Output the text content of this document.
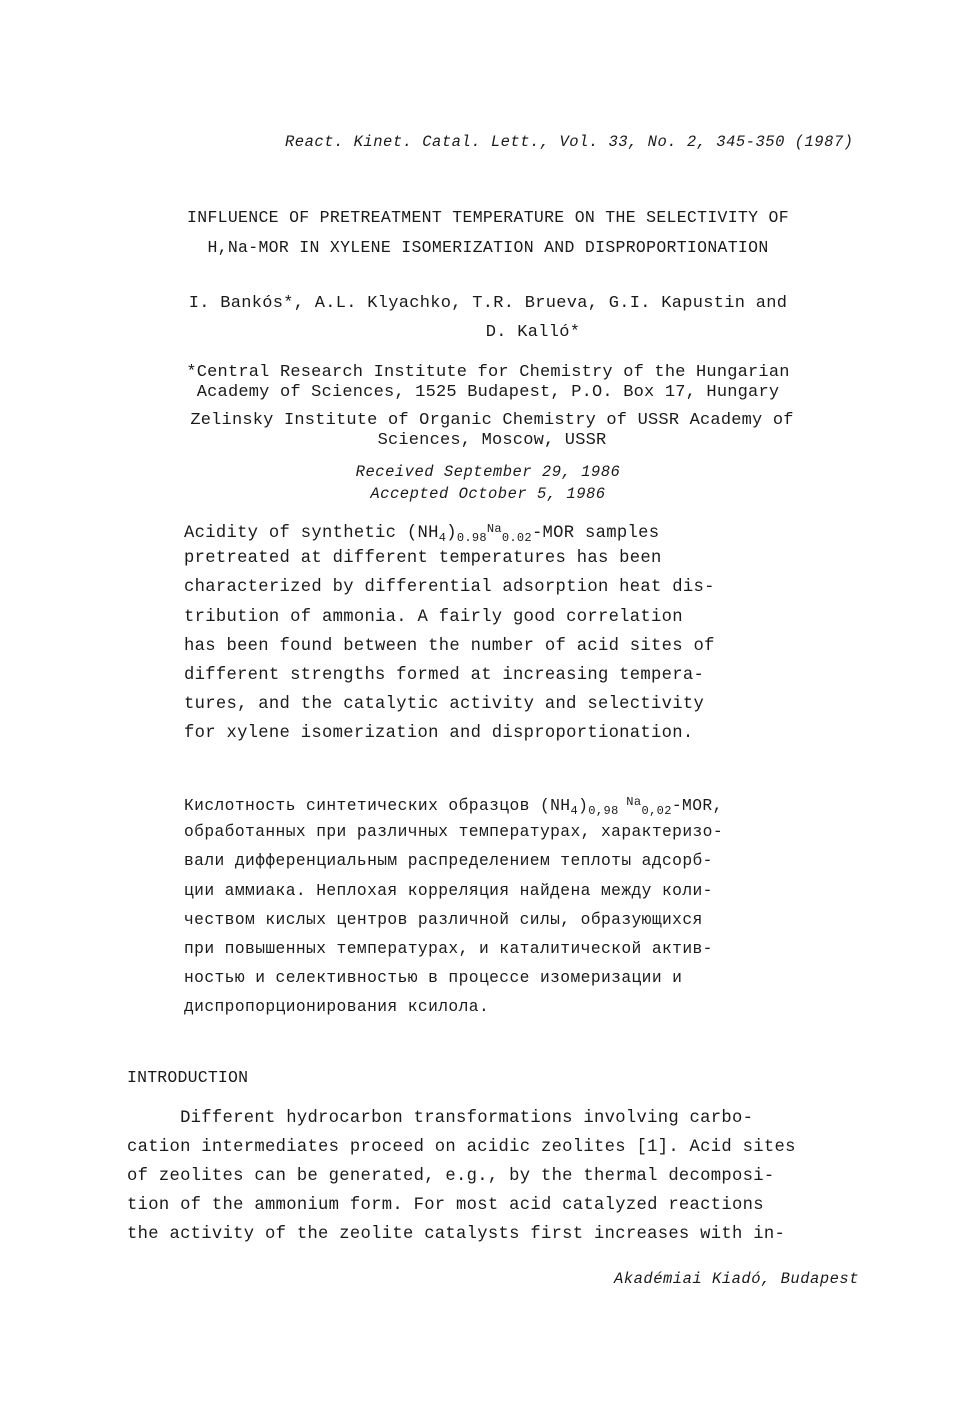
React. Kinet. Catal. Lett., Vol. 33, No. 2, 345-350 (1987)
INFLUENCE OF PRETREATMENT TEMPERATURE ON THE SELECTIVITY OF
H,Na-MOR IN XYLENE ISOMERIZATION AND DISPROPORTIONATION
I. Bankós*, A.L. Klyachko, T.R. Brueva, G.I. Kapustin and
D. Kalló*
*Central Research Institute for Chemistry of the Hungarian
Academy of Sciences, 1525 Budapest, P.O. Box 17, Hungary
Zelinsky Institute of Organic Chemistry of USSR Academy of
Sciences, Moscow, USSR
Received September 29, 1986
Accepted October 5, 1986
Acidity of synthetic $(NH_4)_{0.98}^{Na}_{0.02}$-MOR samples
pretreated at different temperatures has been
characterized by differential adsorption heat dis-
tribution of ammonia. A fairly good correlation
has been found between the number of acid sites of
different strengths formed at increasing tempera-
tures, and the catalytic activity and selectivity
for xylene isomerization and disproportionation.
Кислотность синтетических образцов $(NH_4)_{0,98}$ $^{Na}_{0,02}$-MOR,
обработанных при различных температурах, характеризо-
вали дифференциальным распределением теплоты адсорб-
ции аммиака. Неплохая корреляция найдена между коли-
чеством кислых центров различной силы, образующихся
при повышенных температурах, и каталитической актив-
ностью и селективностью в процессе изомеризации и
диспропорционирования ксилола.
INTRODUCTION
Different hydrocarbon transformations involving carbo-
cation intermediates proceed on acidic zeolites [1]. Acid sites
of zeolites can be generated, e.g., by the thermal decomposi-
tion of the ammonium form. For most acid catalyzed reactions
the activity of the zeolite catalysts first increases with in-
Akadémiai Kiadó, Budapest
